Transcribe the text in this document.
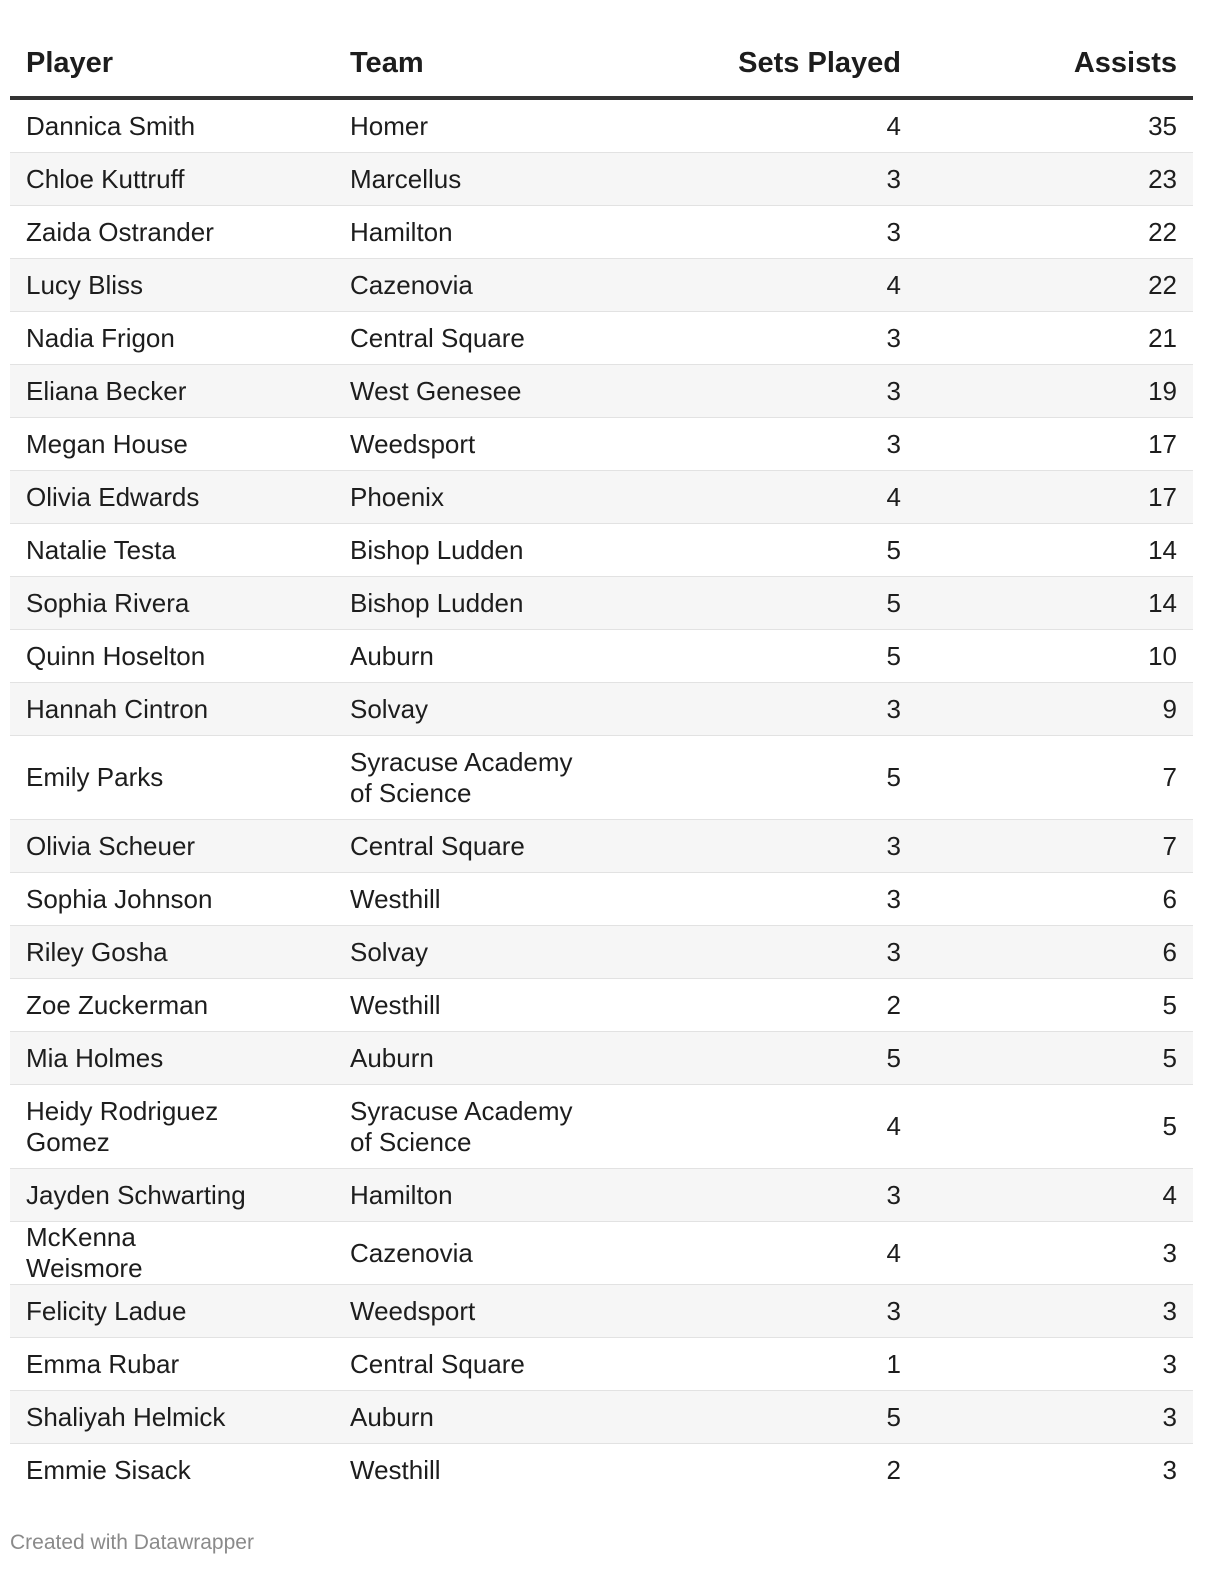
Player	Team	Sets Played	Assists

Dannica Smith	Homer	4	35

Chloe Kuttruff	Marcellus	3	23

Zaida Ostrander	Hamilton	3	22

Lucy Bliss	Cazenovia	4	22

Nadia Frigon	Central Square	3	21

Eliana Becker	West Genesee	3	19

Megan House	Weedsport	3	17

Olivia Edwards	Phoenix	4	17

Natalie Testa	Bishop Ludden	5	14

Sophia Rivera	Bishop Ludden	5	14

Quinn Hoselton	Auburn	5	10

Hannah Cintron	Solvay	3	9

Emily Parks	Syracuse Academy of Science	5	7

Olivia Scheuer	Central Square	3	7

Sophia Johnson	Westhill	3	6

Riley Gosha	Solvay	3	6

Zoe Zuckerman	Westhill	2	5

Mia Holmes	Auburn	5	5

Heidy Rodriguez Gomez	Syracuse Academy of Science	4	5

Jayden Schwarting	Hamilton	3	4

McKenna Weismore	Cazenovia	4	3

Felicity Ladue	Weedsport	3	3

Emma Rubar	Central Square	1	3

Shaliyah Helmick	Auburn	5	3

Emmie Sisack	Westhill	2	3
Created with Datawrapper
